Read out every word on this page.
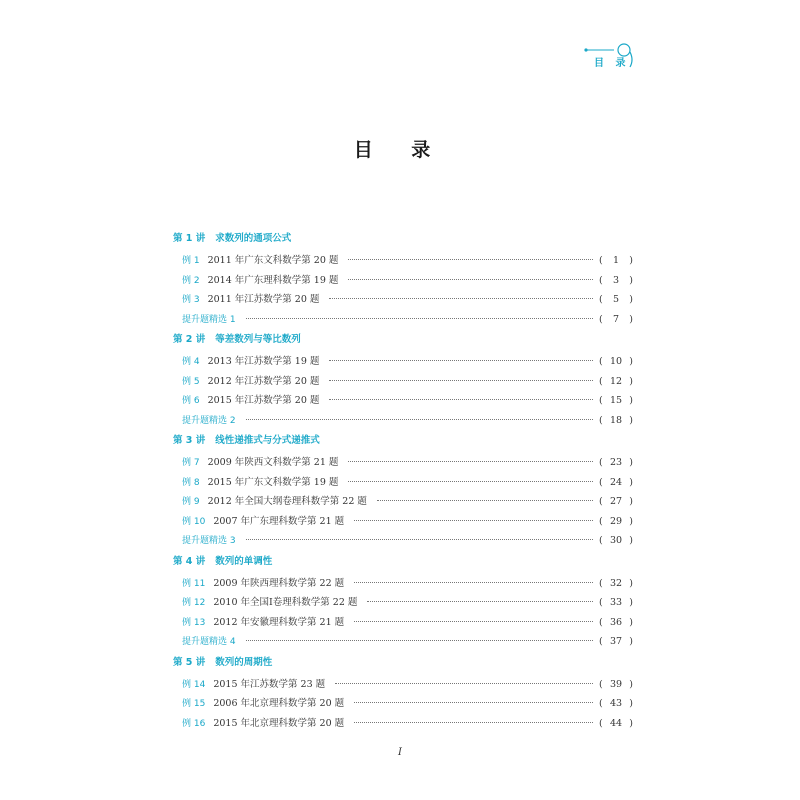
目 录
目 录
第 1 讲 求数列的通项公式
例 1 2011 年广东文科数学第 20 题	( 1 )
例 2 2014 年广东理科数学第 19 题	( 3 )
例 3 2011 年江苏数学第 20 题	( 5 )
提升题精选 1	( 7 )
第 2 讲 等差数列与等比数列
例 4 2013 年江苏数学第 19 题	( 10 )
例 5 2012 年江苏数学第 20 题	( 12 )
例 6 2015 年江苏数学第 20 题	( 15 )
提升题精选 2	( 18 )
第 3 讲 线性递推式与分式递推式
例 7 2009 年陕西文科数学第 21 题	( 23 )
例 8 2015 年广东文科数学第 19 题	( 24 )
例 9 2012 年全国大纲卷理科数学第 22 题	( 27 )
例 10 2007 年广东理科数学第 21 题	( 29 )
提升题精选 3	( 30 )
第 4 讲 数列的单调性
例 11 2009 年陕西理科数学第 22 题	( 32 )
例 12 2010 年全国Ⅰ卷理科数学第 22 题	( 33 )
例 13 2012 年安徽理科数学第 21 题	( 36 )
提升题精选 4	( 37 )
第 5 讲 数列的周期性
例 14 2015 年江苏数学第 23 题	( 39 )
例 15 2006 年北京理科数学第 20 题	( 43 )
例 16 2015 年北京理科数学第 20 题	( 44 )
I
